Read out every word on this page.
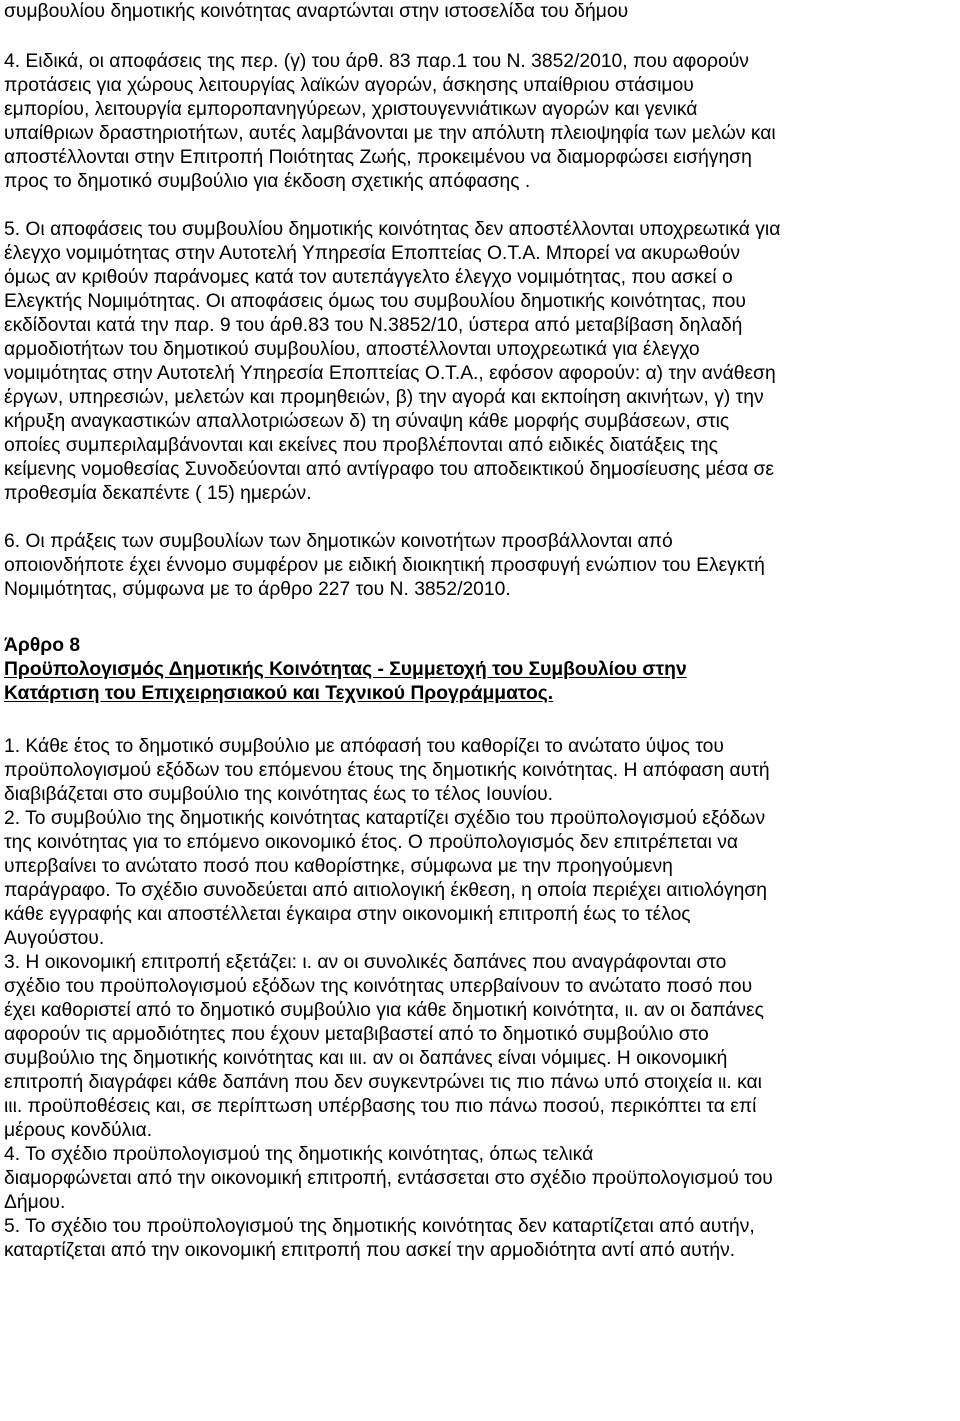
συμβουλίου δημοτικής κοινότητας αναρτώνται στην ιστοσελίδα του δήμου
4. Ειδικά, οι αποφάσεις της περ. (γ) του άρθ. 83 παρ.1 του Ν. 3852/2010, που αφορούν
προτάσεις για χώρους λειτουργίας λαϊκών αγορών, άσκησης υπαίθριου στάσιμου
εμπορίου, λειτουργία εμποροπανηγύρεων, χριστουγεννιάτικων αγορών και γενικά
υπαίθριων δραστηριοτήτων, αυτές λαμβάνονται με την απόλυτη πλειοψηφία των μελών και
αποστέλλονται στην Επιτροπή Ποιότητας Ζωής, προκειμένου να διαμορφώσει εισήγηση
προς το δημοτικό συμβούλιο για έκδοση σχετικής απόφασης .
5. Οι αποφάσεις του συμβουλίου δημοτικής κοινότητας δεν αποστέλλονται υποχρεωτικά για
έλεγχο νομιμότητας στην Αυτοτελή Υπηρεσία Εποπτείας Ο.Τ.Α. Μπορεί να ακυρωθούν
όμως αν κριθούν παράνομες κατά τον αυτεπάγγελτο έλεγχο νομιμότητας, που ασκεί ο
Ελεγκτής Νομιμότητας. Οι αποφάσεις όμως του συμβουλίου δημοτικής κοινότητας, που
εκδίδονται κατά την παρ. 9 του άρθ.83 του Ν.3852/10, ύστερα από μεταβίβαση δηλαδή
αρμοδιοτήτων του δημοτικού συμβουλίου, αποστέλλονται υποχρεωτικά για έλεγχο
νομιμότητας στην Αυτοτελή Υπηρεσία Εποπτείας Ο.Τ.Α., εφόσον αφορούν: α) την ανάθεση
έργων, υπηρεσιών, μελετών και προμηθειών, β) την αγορά και εκποίηση ακινήτων, γ) την
κήρυξη αναγκαστικών απαλλοτριώσεων δ) τη σύναψη κάθε μορφής συμβάσεων, στις
οποίες συμπεριλαμβάνονται και εκείνες που προβλέπονται από ειδικές διατάξεις της
κείμενης νομοθεσίας Συνοδεύονται από αντίγραφο του αποδεικτικού δημοσίευσης μέσα σε
προθεσμία δεκαπέντε ( 15) ημερών.
6. Οι πράξεις των συμβουλίων των δημοτικών κοινοτήτων προσβάλλονται από
οποιονδήποτε έχει έννομο συμφέρον με ειδική διοικητική προσφυγή ενώπιον του Ελεγκτή
Νομιμότητας, σύμφωνα με το άρθρο 227 του Ν. 3852/2010.
Άρθρο 8
Προϋπολογισμός Δημοτικής Κοινότητας - Συμμετοχή του Συμβουλίου στην
Κατάρτιση του Επιχειρησιακού και Τεχνικού Προγράμματος.
1. Κάθε έτος το δημοτικό συμβούλιο με απόφασή του καθορίζει το ανώτατο ύψος του
προϋπολογισμού εξόδων του επόμενου έτους της δημοτικής κοινότητας. Η απόφαση αυτή
διαβιβάζεται στο συμβούλιο της κοινότητας έως το τέλος Ιουνίου.
2. Το συμβούλιο της δημοτικής κοινότητας καταρτίζει σχέδιο του προϋπολογισμού εξόδων
της κοινότητας για το επόμενο οικονομικό έτος. Ο προϋπολογισμός δεν επιτρέπεται να
υπερβαίνει το ανώτατο ποσό που καθορίστηκε, σύμφωνα με την προηγούμενη
παράγραφο. Το σχέδιο συνοδεύεται από αιτιολογική έκθεση, η οποία περιέχει αιτιολόγηση
κάθε εγγραφής και αποστέλλεται έγκαιρα στην οικονομική επιτροπή έως το τέλος
Αυγούστου.
3. Η οικονομική επιτροπή εξετάζει: ι. αν οι συνολικές δαπάνες που αναγράφονται στο
σχέδιο του προϋπολογισμού εξόδων της κοινότητας υπερβαίνουν το ανώτατο ποσό που
έχει καθοριστεί από το δημοτικό συμβούλιο για κάθε δημοτική κοινότητα, ιι. αν οι δαπάνες
αφορούν τις αρμοδιότητες που έχουν μεταβιβαστεί από το δημοτικό συμβούλιο στο
συμβούλιο της δημοτικής κοινότητας και ιιι. αν οι δαπάνες είναι νόμιμες. Η οικονομική
επιτροπή διαγράφει κάθε δαπάνη που δεν συγκεντρώνει τις πιο πάνω υπό στοιχεία ιι. και
ιιι. προϋποθέσεις και, σε περίπτωση υπέρβασης του πιο πάνω ποσού, περικόπτει τα επί
μέρους κονδύλια.
4. Το σχέδιο προϋπολογισμού της δημοτικής κοινότητας, όπως τελικά
διαμορφώνεται από την οικονομική επιτροπή, εντάσσεται στο σχέδιο προϋπολογισμού του
Δήμου.
5. Το σχέδιο του προϋπολογισμού της δημοτικής κοινότητας δεν καταρτίζεται από αυτήν,
καταρτίζεται από την οικονομική επιτροπή που ασκεί την αρμοδιότητα αντί από αυτήν.
